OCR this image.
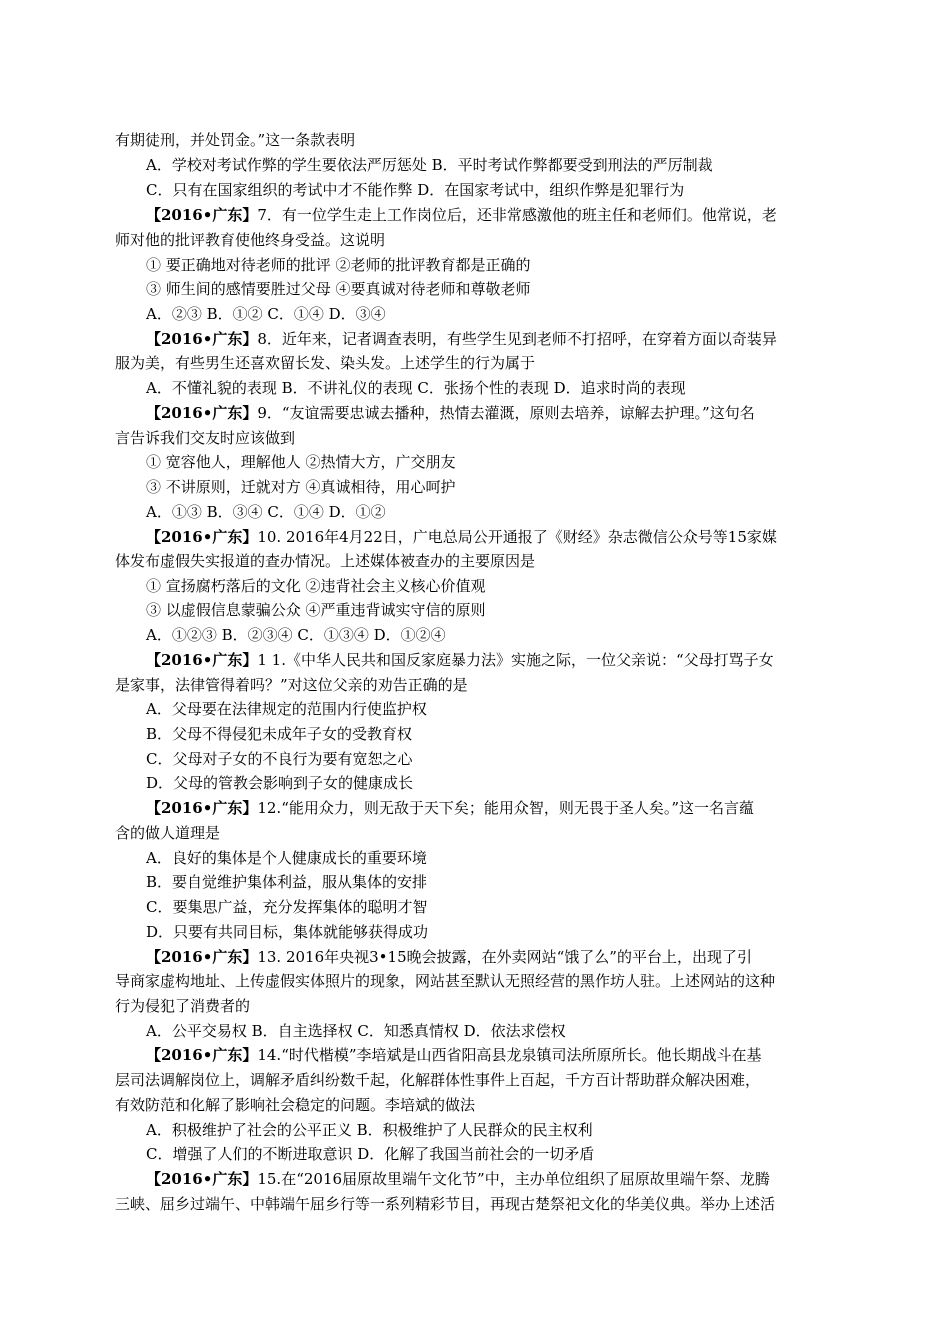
有期徒刑，并处罚金。”这一条款表明
A．学校对考试作弊的学生要依法严厉惩处 B．平时考试作弊都要受到刑法的严厉制裁
C．只有在国家组织的考试中才不能作弊 D．在国家考试中，组织作弊是犯罪行为
【2016•广东】7．有一位学生走上工作岗位后，还非常感激他的班主任和老师们。他常说，老
师对他的批评教育使他终身受益。这说明
① 要正确地对待老师的批评 ②老师的批评教育都是正确的
③ 师生间的感情要胜过父母 ④要真诚对待老师和尊敬老师
A．②③ B．①② C．①④ D．③④
【2016•广东】8．近年来，记者调查表明，有些学生见到老师不打招呼，在穿着方面以奇装异
服为美，有些男生还喜欢留长发、染头发。上述学生的行为属于
A．不懂礼貌的表现 B．不讲礼仪的表现 C．张扬个性的表现 D．追求时尚的表现
【2016•广东】9．“友谊需要忠诚去播种，热情去灌溉，原则去培养，谅解去护理。”这句名
言告诉我们交友时应该做到
① 宽容他人，理解他人 ②热情大方，广交朋友
③ 不讲原则，迁就对方 ④真诚相待，用心呵护
A．①③ B．③④ C．①④ D．①②
【2016•广东】10. 2016年4月22日，广电总局公开通报了《财经》杂志微信公众号等15家媒
体发布虚假失实报道的查办情况。上述媒体被查办的主要原因是
① 宣扬腐朽落后的文化 ②违背社会主义核心价值观
③ 以虚假信息蒙骗公众 ④严重违背诚实守信的原则
A．①②③ B．②③④ C．①③④ D．①②④
【2016•广东】1 1.《中华人民共和国反家庭暴力法》实施之际，一位父亲说：“父母打骂子女
是家事，法律管得着吗？”对这位父亲的劝告正确的是
A．父母要在法律规定的范围内行使监护权
B．父母不得侵犯未成年子女的受教育权
C．父母对子女的不良行为要有宽恕之心
D．父母的管教会影响到子女的健康成长
【2016•广东】12.“能用众力，则无敌于天下矣；能用众智，则无畏于圣人矣。”这一名言蕴
含的做人道理是
A．良好的集体是个人健康成长的重要环境
B．要自觉维护集体利益，服从集体的安排
C．要集思广益，充分发挥集体的聪明才智
D．只要有共同目标，集体就能够获得成功
【2016•广东】13. 2016年央视3•15晚会披露，在外卖网站“饿了么”的平台上，出现了引
导商家虚构地址、上传虚假实体照片的现象，网站甚至默认无照经营的黑作坊人驻。上述网站的这种
行为侵犯了消费者的
A．公平交易权 B．自主选择权 C．知悉真情权 D．依法求偿权
【2016•广东】14.“时代楷模”李培斌是山西省阳高县龙泉镇司法所原所长。他长期战斗在基
层司法调解岗位上，调解矛盾纠纷数千起，化解群体性事件上百起，千方百计帮助群众解决困难，
有效防范和化解了影响社会稳定的问题。李培斌的做法
A．积极维护了社会的公平正义 B．积极维护了人民群众的民主权利
C．增强了人们的不断进取意识 D．化解了我国当前社会的一切矛盾
【2016•广东】15.在“2016届原故里端午文化节”中，主办单位组织了屈原故里端午祭、龙腾
三峡、屈乡过端午、中韩端午屈乡行等一系列精彩节目，再现古楚祭祀文化的华美仪典。举办上述活
